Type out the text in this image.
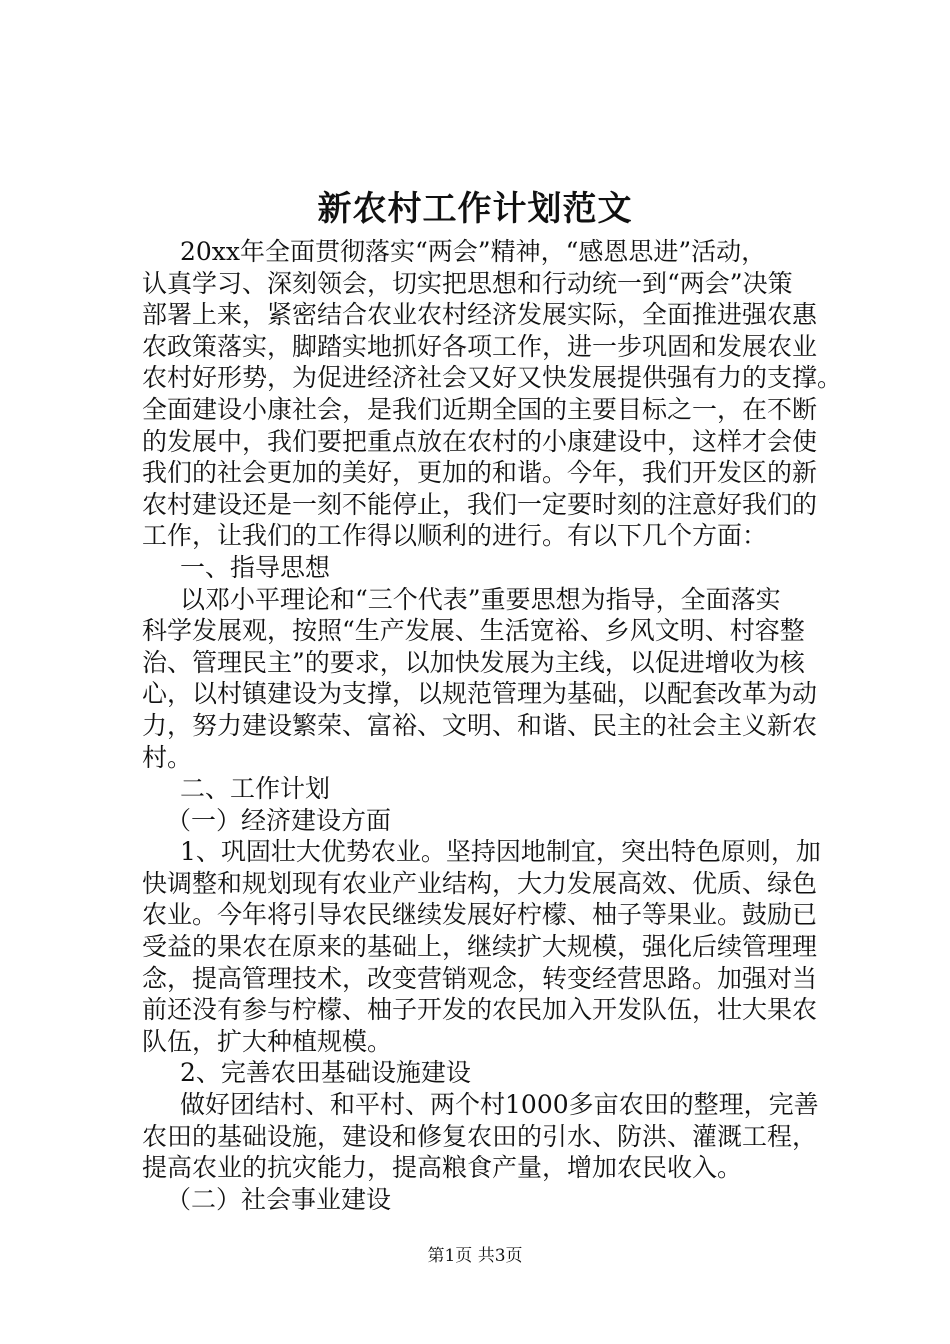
新农村工作计划范文
20xx年全面贯彻落实“两会”精神，“感恩思进”活动，
认真学习、深刻领会，切实把思想和行动统一到“两会”决策
部署上来，紧密结合农业农村经济发展实际，全面推进强农惠
农政策落实，脚踏实地抓好各项工作，进一步巩固和发展农业
农村好形势，为促进经济社会又好又快发展提供强有力的支撑。
全面建设小康社会，是我们近期全国的主要目标之一，在不断
的发展中，我们要把重点放在农村的小康建设中，这样才会使
我们的社会更加的美好，更加的和谐。今年，我们开发区的新
农村建设还是一刻不能停止，我们一定要时刻的注意好我们的
工作，让我们的工作得以顺利的进行。有以下几个方面：
一、指导思想
以邓小平理论和“三个代表”重要思想为指导，全面落实
科学发展观，按照“生产发展、生活宽裕、乡风文明、村容整
治、管理民主”的要求，以加快发展为主线，以促进增收为核
心，以村镇建设为支撑，以规范管理为基础，以配套改革为动
力，努力建设繁荣、富裕、文明、和谐、民主的社会主义新农
村。
二、工作计划
（一）经济建设方面
1、巩固壮大优势农业。坚持因地制宜，突出特色原则，加
快调整和规划现有农业产业结构，大力发展高效、优质、绿色
农业。今年将引导农民继续发展好柠檬、柚子等果业。鼓励已
受益的果农在原来的基础上，继续扩大规模，强化后续管理理
念，提高管理技术，改变营销观念，转变经营思路。加强对当
前还没有参与柠檬、柚子开发的农民加入开发队伍，壮大果农
队伍，扩大种植规模。
2、完善农田基础设施建设
做好团结村、和平村、两个村1000多亩农田的整理，完善
农田的基础设施，建设和修复农田的引水、防洪、灌溉工程，
提高农业的抗灾能力，提高粮食产量，增加农民收入。
（二）社会事业建设
第1页 共3页
